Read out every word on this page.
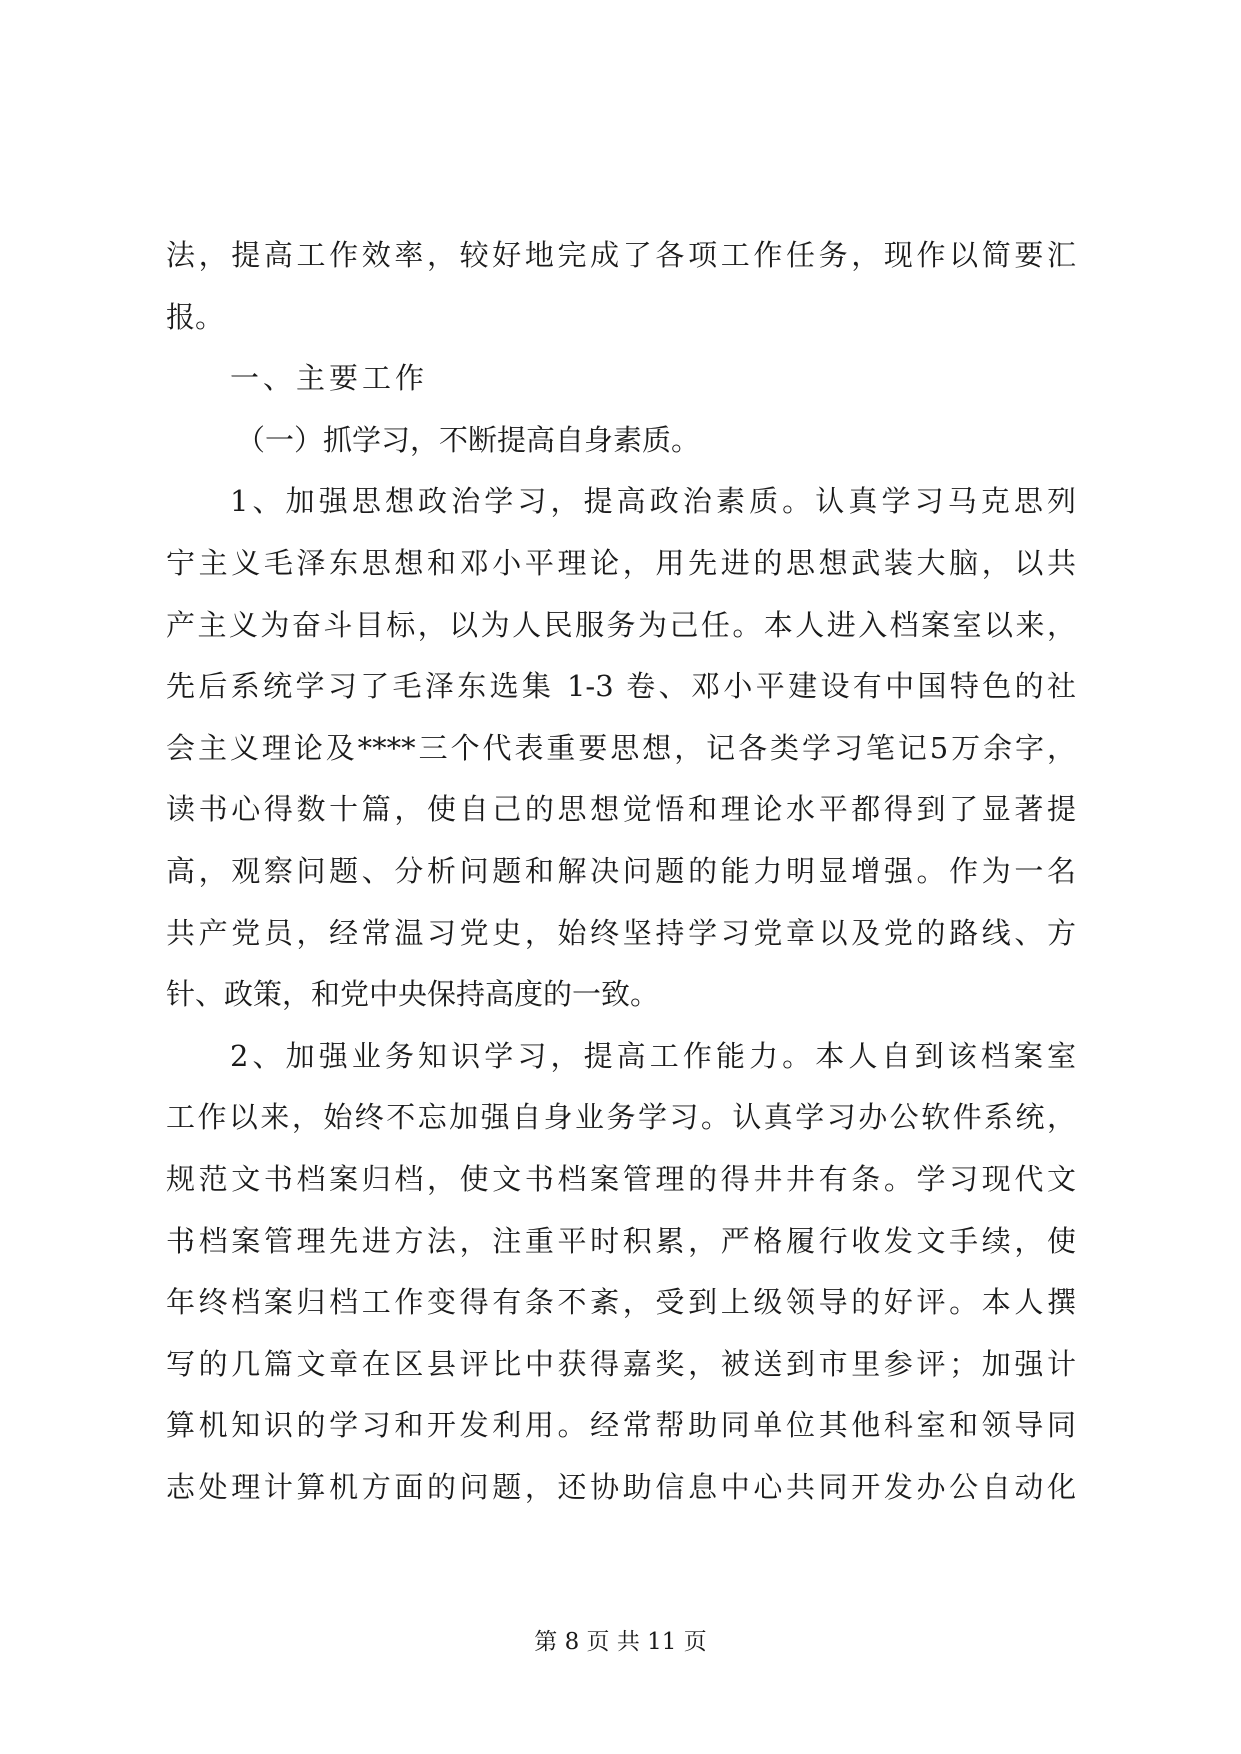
法，提高工作效率，较好地完成了各项工作任务，现作以简要汇
报。
一、主要工作
（一）抓学习，不断提高自身素质。
1、加强思想政治学习，提高政治素质。认真学习马克思列
宁主义毛泽东思想和邓小平理论，用先进的思想武装大脑，以共
产主义为奋斗目标，以为人民服务为己任。本人进入档案室以来，
先后系统学习了毛泽东选集 1-3 卷、邓小平建设有中国特色的社
会主义理论及****三个代表重要思想，记各类学习笔记5万余字，
读书心得数十篇，使自己的思想觉悟和理论水平都得到了显著提
高，观察问题、分析问题和解决问题的能力明显增强。作为一名
共产党员，经常温习党史，始终坚持学习党章以及党的路线、方
针、政策，和党中央保持高度的一致。
2、加强业务知识学习，提高工作能力。本人自到该档案室
工作以来，始终不忘加强自身业务学习。认真学习办公软件系统，
规范文书档案归档，使文书档案管理的得井井有条。学习现代文
书档案管理先进方法，注重平时积累，严格履行收发文手续，使
年终档案归档工作变得有条不紊，受到上级领导的好评。本人撰
写的几篇文章在区县评比中获得嘉奖，被送到市里参评；加强计
算机知识的学习和开发利用。经常帮助同单位其他科室和领导同
志处理计算机方面的问题，还协助信息中心共同开发办公自动化
第 8 页 共 11 页
